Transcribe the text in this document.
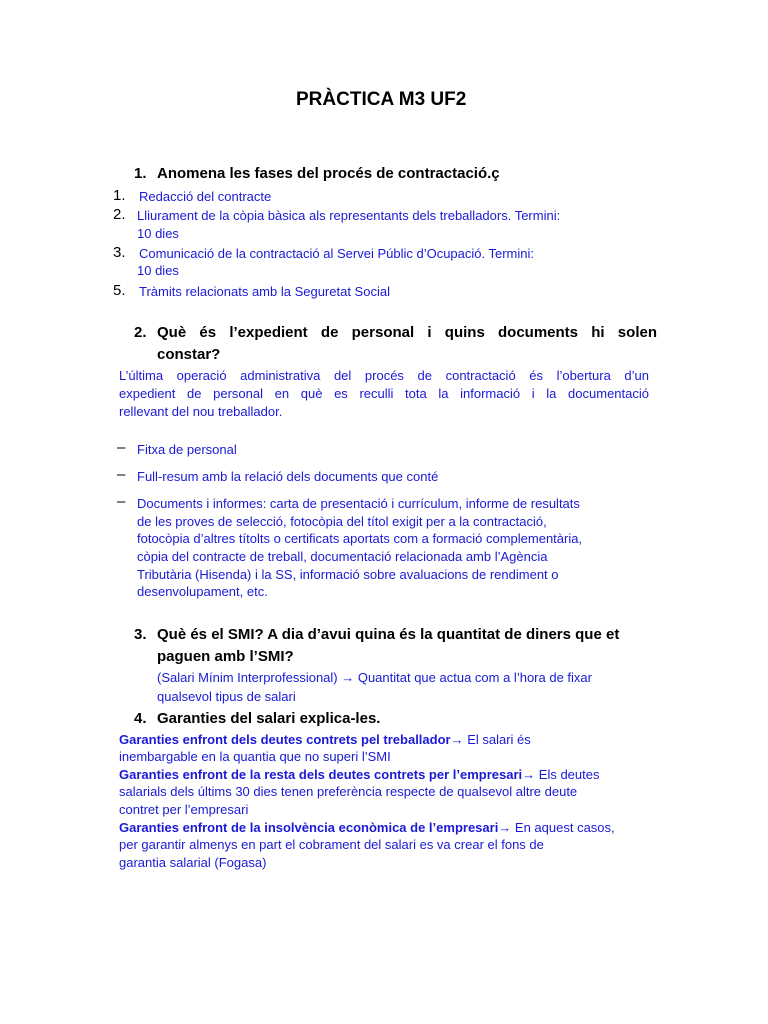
PRÀCTICA M3 UF2
1. Anomena les fases del procés de contractació.ç
1. Redacció del contracte
2. Lliurament de la còpia bàsica als representants dels treballadors. Termini:
10 dies
3. Comunicació de la contractació al Servei Públic d’Ocupació. Termini:
10 dies
5. Tràmits relacionats amb la Seguretat Social
2. Què és l’expedient de personal i quins documents hi solen
constar?
L’última operació administrativa del procés de contractació és l’obertura d’un
expedient de personal en què es reculli tota la informació i la documentació
rellevant del nou treballador.
– Fitxa de personal
– Full-resum amb la relació dels documents que conté
– Documents i informes: carta de presentació i currículum, informe de resultats
de les proves de selecció, fotocòpia del títol exigit per a la contractació,
fotocòpia d’altres títolts o certificats aportats com a formació complementària,
còpia del contracte de treball, documentació relacionada amb l’Agència
Tributària (Hisenda) i la SS, informació sobre avaluacions de rendiment o
desenvolupament, etc.
3. Què és el SMI? A dia d’avui quina és la quantitat de diners que et
paguen amb l’SMI?
(Salari Mínim Interprofessional) → Quantitat que actua com a l’hora de fixar
qualsevol tipus de salari
4. Garanties del salari explica-les.
Garanties enfront dels deutes contrets pel treballador→ El salari és
inembargable en la quantia que no superi l’SMI
Garanties enfront de la resta dels deutes contrets per l’empresari→ Els deutes
salarials dels últims 30 dies tenen preferència respecte de qualsevol altre deute
contret per l’empresari
Garanties enfront de la insolvència econòmica de l’empresari→ En aquest casos,
per garantir almenys en part el cobrament del salari es va crear el fons de
garantia salarial (Fogasa)
